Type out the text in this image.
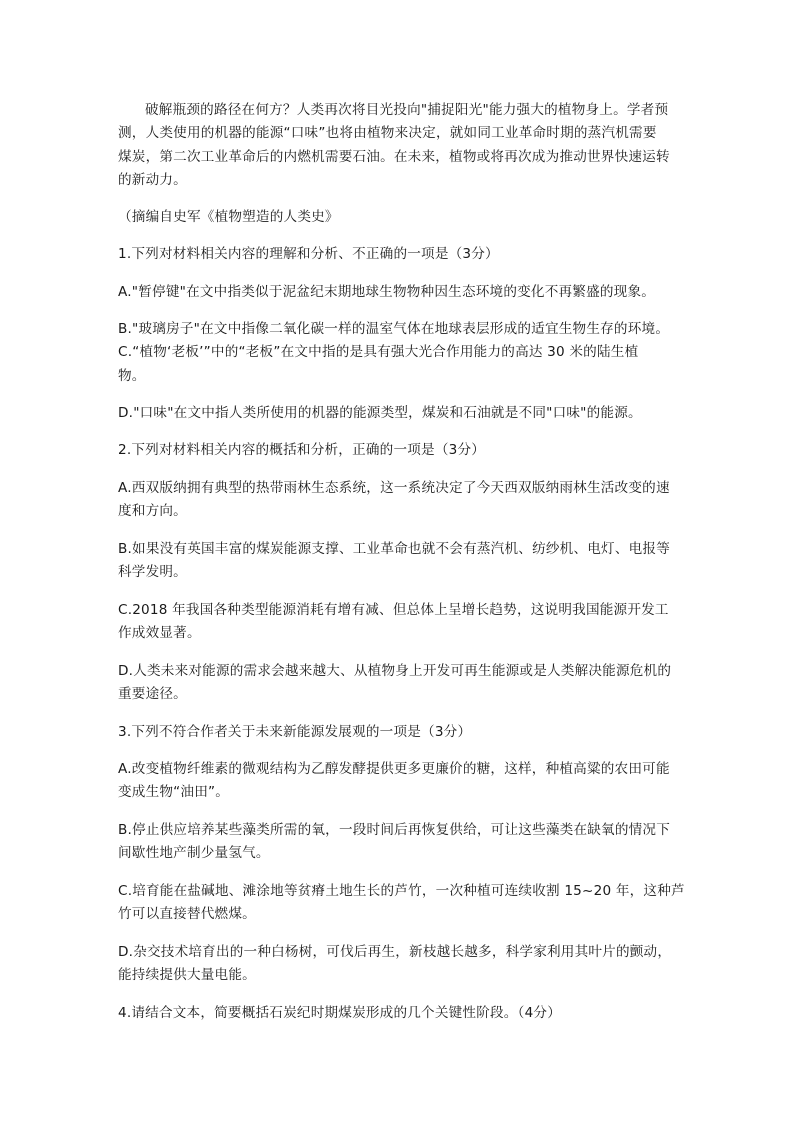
破解瓶颈的路径在何方？人类再次将目光投向"捕捉阳光"能力强大的植物身上。学者预

测，人类使用的机器的能源“口味”也将由植物来决定，就如同工业革命时期的蒸汽机需要

煤炭，第二次工业革命后的内燃机需要石油。在未来，植物或将再次成为推动世界快速运转

的新动力。

（摘编自史军《植物塑造的人类史》

1.下列对材料相关内容的理解和分析、不正确的一项是（3分）

A."暂停键"在文中指类似于泥盆纪末期地球生物物种因生态环境的变化不再繁盛的现象。

B."玻璃房子"在文中指像二氧化碳一样的温室气体在地球表层形成的适宜生物生存的环境。

C.“植物‘老板’”中的“老板”在文中指的是具有强大光合作用能力的高达 30 米的陆生植

物。

D."口味"在文中指人类所使用的机器的能源类型，煤炭和石油就是不同"口味"的能源。

2.下列对材料相关内容的概括和分析，正确的一项是（3分）

A.西双版纳拥有典型的热带雨林生态系统，这一系统决定了今天西双版纳雨林生活改变的速

度和方向。

B.如果没有英国丰富的煤炭能源支撑、工业革命也就不会有蒸汽机、纺纱机、电灯、电报等

科学发明。

C.2018 年我国各种类型能源消耗有增有减、但总体上呈增长趋势，这说明我国能源开发工

作成效显著。

D.人类未来对能源的需求会越来越大、从植物身上开发可再生能源或是人类解决能源危机的

重要途径。

3.下列不符合作者关于未来新能源发展观的一项是（3分）

A.改变植物纤维素的微观结构为乙醇发酵提供更多更廉价的糖，这样，种植高粱的农田可能

变成生物“油田”。

B.停止供应培养某些藻类所需的氧，一段时间后再恢复供给，可让这些藻类在缺氧的情况下

间歇性地产制少量氢气。

C.培育能在盐碱地、滩涂地等贫瘠土地生长的芦竹，一次种植可连续收割 15~20 年，这种芦

竹可以直接替代燃煤。

D.杂交技术培育出的一种白杨树，可伐后再生，新枝越长越多，科学家利用其叶片的颤动，

能持续提供大量电能。

4.请结合文本，简要概括石炭纪时期煤炭形成的几个关键性阶段。（4分）
